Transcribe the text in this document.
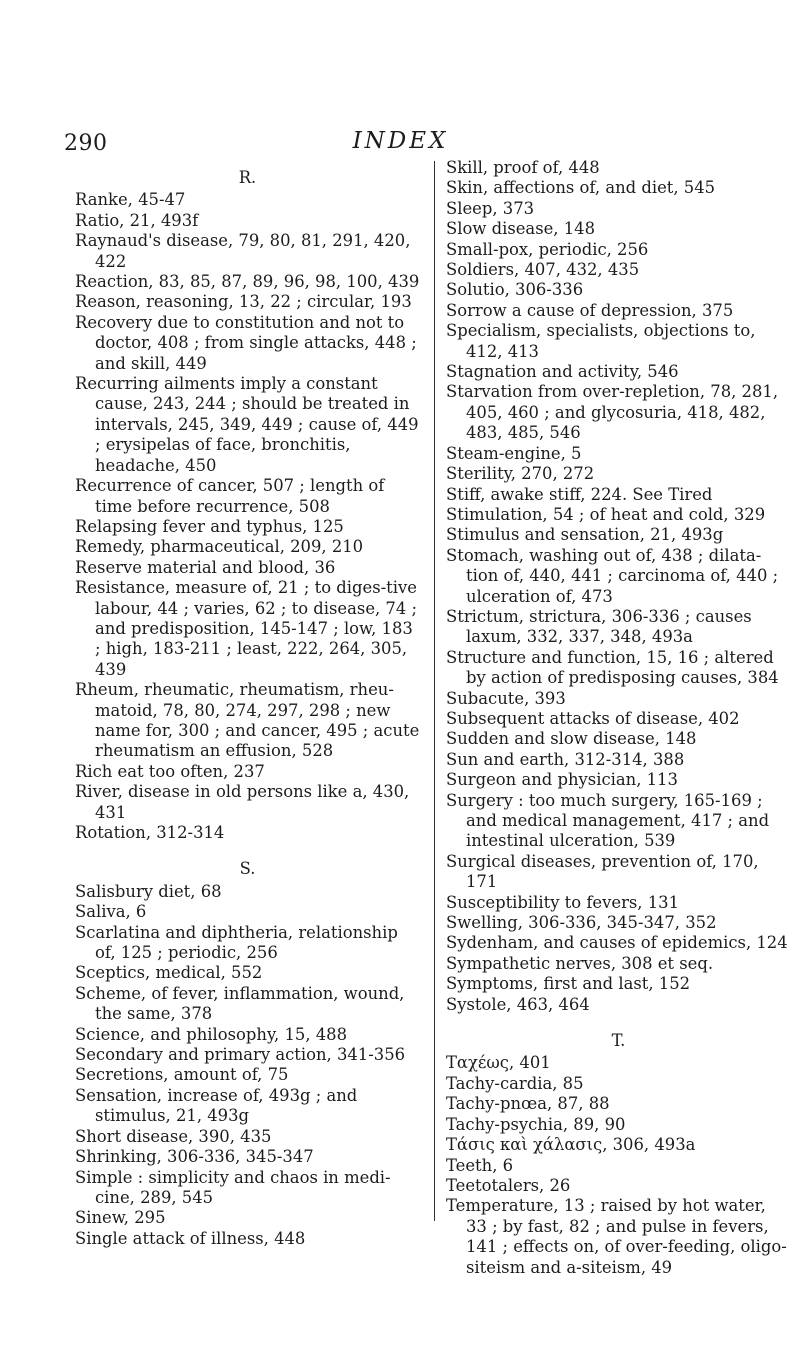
290	INDEX
R.
Ranke, 45-47
Ratio, 21, 493f
Raynaud's disease, 79, 80, 81, 291, 420, 422
Reaction, 83, 85, 87, 89, 96, 98, 100, 439
Reason, reasoning, 13, 22 ; circular, 193
Recovery due to constitution and not to doctor, 408 ; from single attacks, 448 ; and skill, 449
Recurring ailments imply a constant cause, 243, 244 ; should be treated in intervals, 245, 349, 449 ; cause of, 449 ; erysipelas of face, bronchitis, headache, 450
Recurrence of cancer, 507 ; length of time before recurrence, 508
Relapsing fever and typhus, 125
Remedy, pharmaceutical, 209, 210
Reserve material and blood, 36
Resistance, measure of, 21 ; to diges-tive labour, 44 ; varies, 62 ; to disease, 74 ; and predisposition, 145-147 ; low, 183 ; high, 183-211 ; least, 222, 264, 305, 439
Rheum, rheumatic, rheumatism, rheu-matoid, 78, 80, 274, 297, 298 ; new name for, 300 ; and cancer, 495 ; acute rheumatism an effusion, 528
Rich eat too often, 237
River, disease in old persons like a, 430, 431
Rotation, 312-314
S.
Salisbury diet, 68
Saliva, 6
Scarlatina and diphtheria, relationship of, 125 ; periodic, 256
Sceptics, medical, 552
Scheme, of fever, inflammation, wound, the same, 378
Science, and philosophy, 15, 488
Secondary and primary action, 341-356
Secretions, amount of, 75
Sensation, increase of, 493g ; and stimulus, 21, 493g
Short disease, 390, 435
Shrinking, 306-336, 345-347
Simple : simplicity and chaos in medi-cine, 289, 545
Sinew, 295
Single attack of illness, 448
Skill, proof of, 448
Skin, affections of, and diet, 545
Sleep, 373
Slow disease, 148
Small-pox, periodic, 256
Soldiers, 407, 432, 435
Solutio, 306-336
Sorrow a cause of depression, 375
Specialism, specialists, objections to, 412, 413
Stagnation and activity, 546
Starvation from over-repletion, 78, 281, 405, 460 ; and glycosuria, 418, 482, 483, 485, 546
Steam-engine, 5
Sterility, 270, 272
Stiff, awake stiff, 224. See Tired
Stimulation, 54 ; of heat and cold, 329
Stimulus and sensation, 21, 493g
Stomach, washing out of, 438 ; dilata-tion of, 440, 441 ; carcinoma of, 440 ; ulceration of, 473
Strictum, strictura, 306-336 ; causes laxum, 332, 337, 348, 493a
Structure and function, 15, 16 ; altered by action of predisposing causes, 384
Subacute, 393
Subsequent attacks of disease, 402
Sudden and slow disease, 148
Sun and earth, 312-314, 388
Surgeon and physician, 113
Surgery : too much surgery, 165-169 ; and medical management, 417 ; and intestinal ulceration, 539
Surgical diseases, prevention of, 170, 171
Susceptibility to fevers, 131
Swelling, 306-336, 345-347, 352
Sydenham, and causes of epidemics, 124
Sympathetic nerves, 308 et seq.
Symptoms, first and last, 152
Systole, 463, 464
T.
Ταχέως, 401
Tachy-cardia, 85
Tachy-pnœa, 87, 88
Tachy-psychia, 89, 90
Τάσις καὶ χάλασις, 306, 493a
Teeth, 6
Teetotalers, 26
Temperature, 13 ; raised by hot water, 33 ; by fast, 82 ; and pulse in fevers, 141 ; effects on, of over-feeding, oligo-siteism and a-siteism, 49
